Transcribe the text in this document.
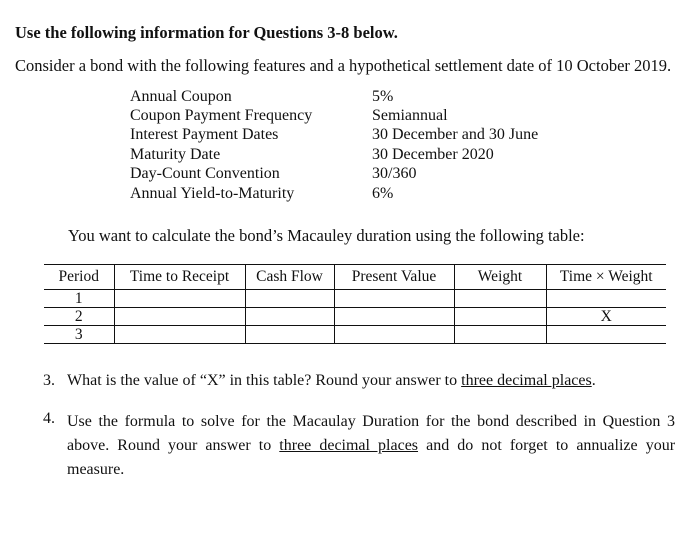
Use the following information for Questions 3-8 below.
Consider a bond with the following features and a hypothetical settlement date of 10 October 2019.
Annual Coupon	5%
Coupon Payment Frequency	Semiannual
Interest Payment Dates	30 December and 30 June
Maturity Date	30 December 2020
Day-Count Convention	30/360
Annual Yield-to-Maturity	6%
You want to calculate the bond’s Macauley duration using the following table:
Period	Time to Receipt	Cash Flow	Present Value	Weight	Time × Weight
1					
2					X
3					
3. What is the value of “X” in this table? Round your answer to three decimal places.
4. Use the formula to solve for the Macaulay Duration for the bond described in Question 3 above. Round your answer to three decimal places and do not forget to annualize your measure.
